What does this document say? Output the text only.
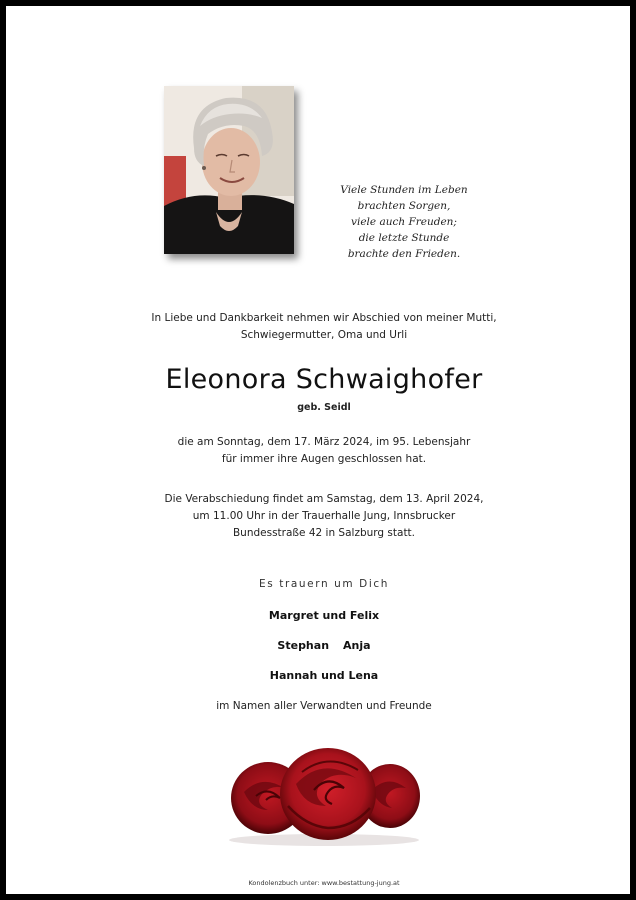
Viele Stunden im Leben
brachten Sorgen,
viele auch Freuden;
die letzte Stunde
brachte den Frieden.
In Liebe und Dankbarkeit nehmen wir Abschied von meiner Mutti,
Schwiegermutter, Oma und Urli
Eleonora Schwaighofer
geb. Seidl
die am Sonntag, dem 17. März 2024, im 95. Lebensjahr
für immer ihre Augen geschlossen hat.
Die Verabschiedung findet am Samstag, dem 13. April 2024,
um 11.00 Uhr in der Trauerhalle Jung, Innsbrucker
Bundesstraße 42 in Salzburg statt.
Es trauern um Dich
Margret und Felix
Stephan Anja
Hannah und Lena
im Namen aller Verwandten und Freunde
Kondolenzbuch unter: www.bestattung-jung.at
